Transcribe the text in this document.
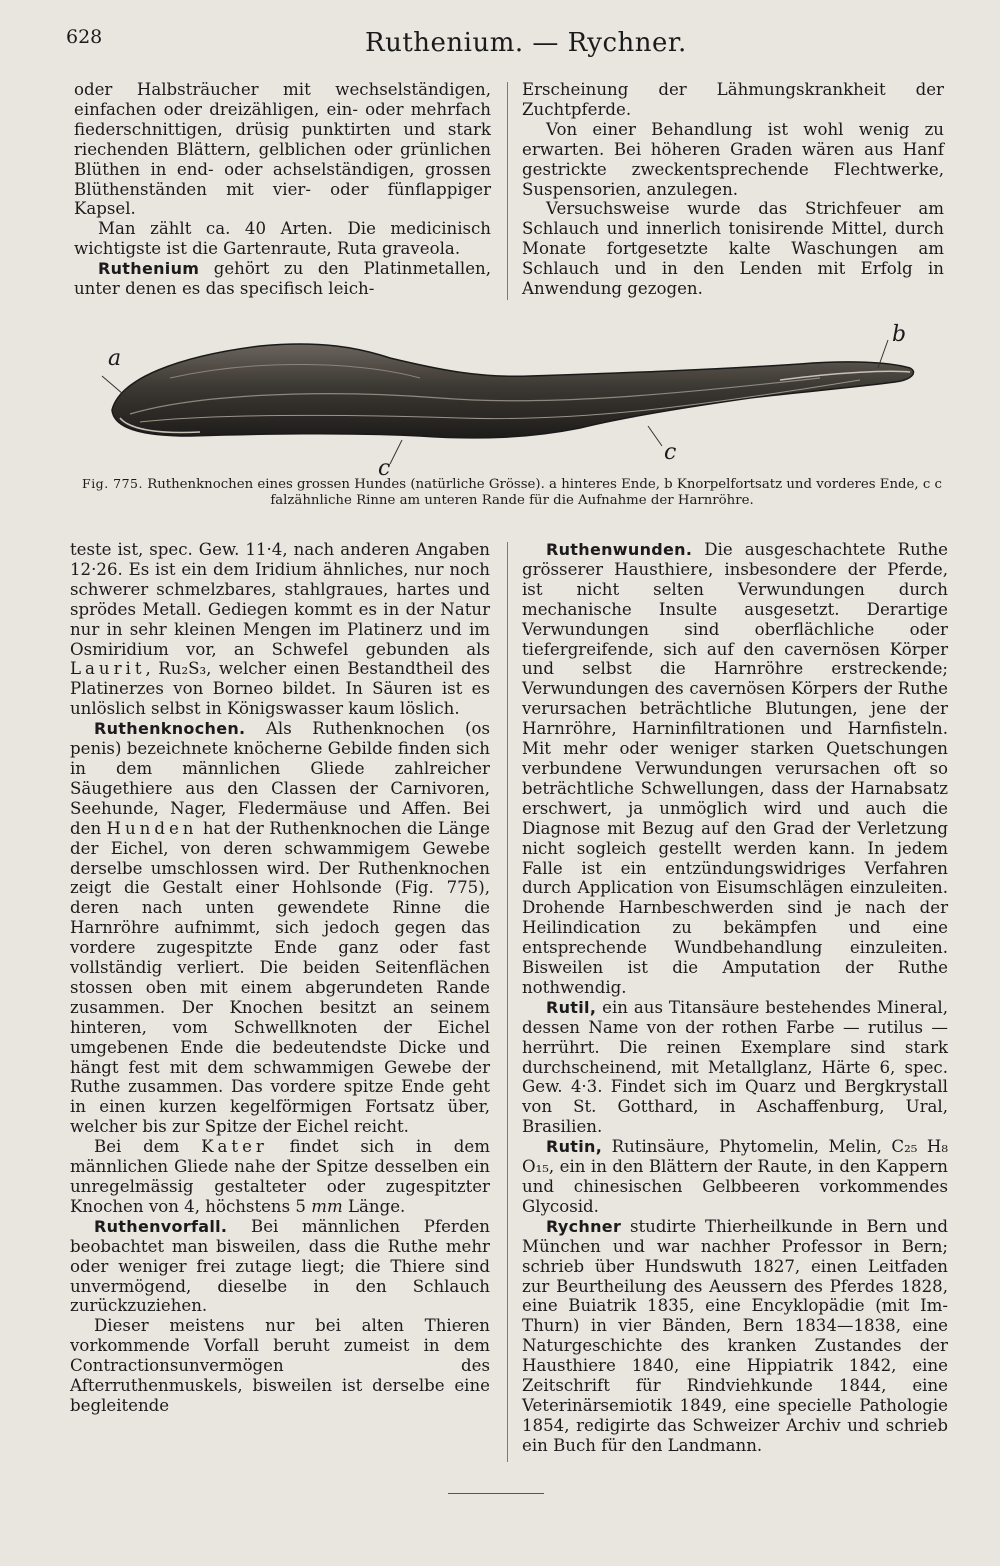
628	Ruthenium. — Rychner.

oder Halbsträucher mit wechselständigen, einfachen oder dreizähligen, ein- oder mehrfach fiederschnittigen, drüsig punktirten und stark riechenden Blättern, gelblichen oder grünlichen Blüthen in end- oder achselständigen, grossen Blüthenständen mit vier- oder fünflappiger Kapsel.

Man zählt ca. 40 Arten. Die medicinisch wichtigste ist die Gartenraute, Ruta graveola.

Ruthenium gehört zu den Platinmetallen, unter denen es das specifisch leich-

Erscheinung der Lähmungskrankheit der Zuchtpferde.

Von einer Behandlung ist wohl wenig zu erwarten. Bei höheren Graden wären aus Hanf gestrickte zweckentsprechende Flechtwerke, Suspensorien, anzulegen.

Versuchsweise wurde das Strichfeuer am Schlauch und innerlich tonisirende Mittel, durch Monate fortgesetzte kalte Waschungen am Schlauch und in den Lenden mit Erfolg in Anwendung gezogen.

a
b
c
c
Fig. 775. Ruthenknochen eines grossen Hundes (natürliche Grösse). a hinteres Ende, b Knorpelfortsatz und vorderes Ende, c c falzähnliche Rinne am unteren Rande für die Aufnahme der Harnröhre.

teste ist, spec. Gew. 11·4, nach anderen Angaben 12·26. Es ist ein dem Iridium ähnliches, nur noch schwerer schmelzbares, stahlgraues, hartes und sprödes Metall. Gediegen kommt es in der Natur nur in sehr kleinen Mengen im Platinerz und im Osmiridium vor, an Schwefel gebunden als Laurit, Ru₂S₃, welcher einen Bestandtheil des Platinerzes von Borneo bildet. In Säuren ist es unlöslich selbst in Königswasser kaum löslich.

Ruthenknochen. Als Ruthenknochen (os penis) bezeichnete knöcherne Gebilde finden sich in dem männlichen Gliede zahlreicher Säugethiere aus den Classen der Carnivoren, Seehunde, Nager, Fledermäuse und Affen. Bei den Hunden hat der Ruthenknochen die Länge der Eichel, von deren schwammigem Gewebe derselbe umschlossen wird. Der Ruthenknochen zeigt die Gestalt einer Hohlsonde (Fig. 775), deren nach unten gewendete Rinne die Harnröhre aufnimmt, sich jedoch gegen das vordere zugespitzte Ende ganz oder fast vollständig verliert. Die beiden Seitenflächen stossen oben mit einem abgerundeten Rande zusammen. Der Knochen besitzt an seinem hinteren, vom Schwellknoten der Eichel umgebenen Ende die bedeutendste Dicke und hängt fest mit dem schwammigen Gewebe der Ruthe zusammen. Das vordere spitze Ende geht in einen kurzen kegelförmigen Fortsatz über, welcher bis zur Spitze der Eichel reicht.

Bei dem Kater findet sich in dem männlichen Gliede nahe der Spitze desselben ein unregelmässig gestalteter oder zugespitzter Knochen von 4, höchstens 5 mm Länge.

Ruthenvorfall. Bei männlichen Pferden beobachtet man bisweilen, dass die Ruthe mehr oder weniger frei zutage liegt; die Thiere sind unvermögend, dieselbe in den Schlauch zurückzuziehen.

Dieser meistens nur bei alten Thieren vorkommende Vorfall beruht zumeist in dem Contractionsunvermögen des Afterruthenmuskels, bisweilen ist derselbe eine begleitende

Ruthenwunden. Die ausgeschachtete Ruthe grösserer Hausthiere, insbesondere der Pferde, ist nicht selten Verwundungen durch mechanische Insulte ausgesetzt. Derartige Verwundungen sind oberflächliche oder tiefergreifende, sich auf den cavernösen Körper und selbst die Harnröhre erstreckende; Verwundungen des cavernösen Körpers der Ruthe verursachen beträchtliche Blutungen, jene der Harnröhre, Harninfiltrationen und Harnfisteln. Mit mehr oder weniger starken Quetschungen verbundene Verwundungen verursachen oft so beträchtliche Schwellungen, dass der Harnabsatz erschwert, ja unmöglich wird und auch die Diagnose mit Bezug auf den Grad der Verletzung nicht sogleich gestellt werden kann. In jedem Falle ist ein entzündungswidriges Verfahren durch Application von Eisumschlägen einzuleiten. Drohende Harnbeschwerden sind je nach der Heilindication zu bekämpfen und eine entsprechende Wundbehandlung einzuleiten. Bisweilen ist die Amputation der Ruthe nothwendig.

Rutil, ein aus Titansäure bestehendes Mineral, dessen Name von der rothen Farbe — rutilus — herrührt. Die reinen Exemplare sind stark durchscheinend, mit Metallglanz, Härte 6, spec. Gew. 4·3. Findet sich im Quarz und Bergkrystall von St. Gotthard, in Aschaffenburg, Ural, Brasilien.

Rutin, Rutinsäure, Phytomelin, Melin, C₂₅ H₈ O₁₅, ein in den Blättern der Raute, in den Kappern und chinesischen Gelbbeeren vorkommendes Glycosid.

Rychner studirte Thierheilkunde in Bern und München und war nachher Professor in Bern; schrieb über Hundswuth 1827, einen Leitfaden zur Beurtheilung des Aeussern des Pferdes 1828, eine Buiatrik 1835, eine Encyklopädie (mit Im-Thurn) in vier Bänden, Bern 1834—1838, eine Naturgeschichte des kranken Zustandes der Hausthiere 1840, eine Hippiatrik 1842, eine Zeitschrift für Rindviehkunde 1844, eine Veterinärsemiotik 1849, eine specielle Pathologie 1854, redigirte das Schweizer Archiv und schrieb ein Buch für den Landmann.
